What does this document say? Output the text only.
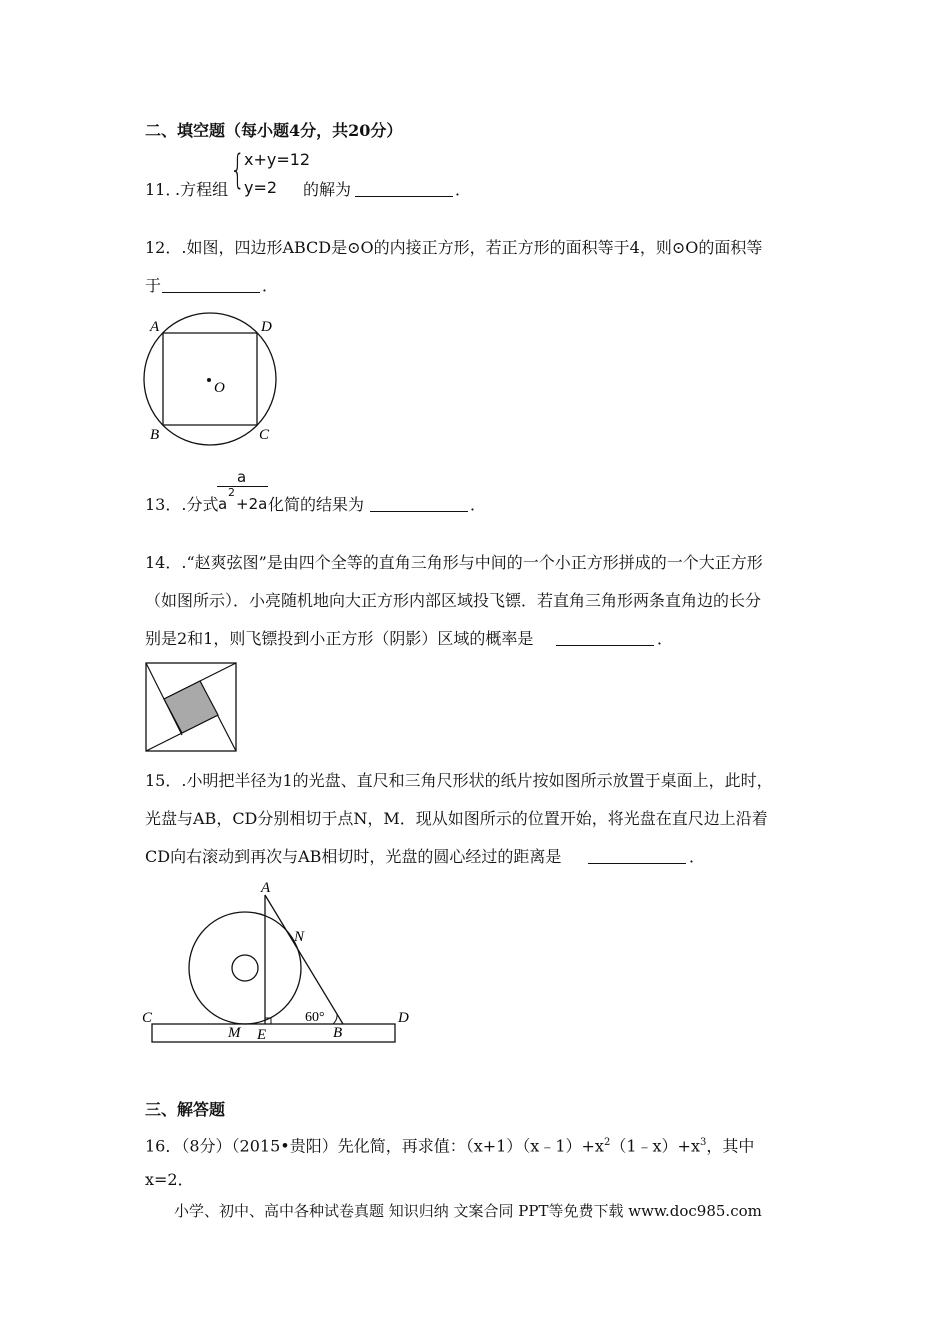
二、填空题（每小题4分，共20分）
11．
.方程组 {
x+y=12
y=2 的解为	．
12．.如图，四边形ABCD是⊙O的内接正方形，若正方形的面积等于4，则⊙O的面积等
于	．
A	D
B	C
O
13．.分式
a
a
2
+2a 化简的结果为	．
14．.“赵爽弦图”是由四个全等的直角三角形与中间的一个小正方形拼成的一个大正方形
（如图所示）．小亮随机地向大正方形内部区域投飞镖．若直角三角形两条直角边的长分
别是2和1，则飞镖投到小正方形（阴影）区域的概率是	．
15．.小明把半径为1的光盘、直尺和三角尺形状的纸片按如图所示放置于桌面上，此时，
光盘与AB，CD分别相切于点N，M．现从如图所示的位置开始，将光盘在直尺边上沿着
CD向右滚动到再次与AB相切时，光盘的圆心经过的距离是	．
A
N
C	D
M E	B
60°
三、解答题
16．（8分）（2015•贵阳）先化简，再求值：$(x+1)(x﹣1)+x^2(1﹣x)+x^3$，其中
x=2．
小学、初中、高中各种试卷真题 知识归纳 文案合同 PPT等免费下载 www.doc985.com
